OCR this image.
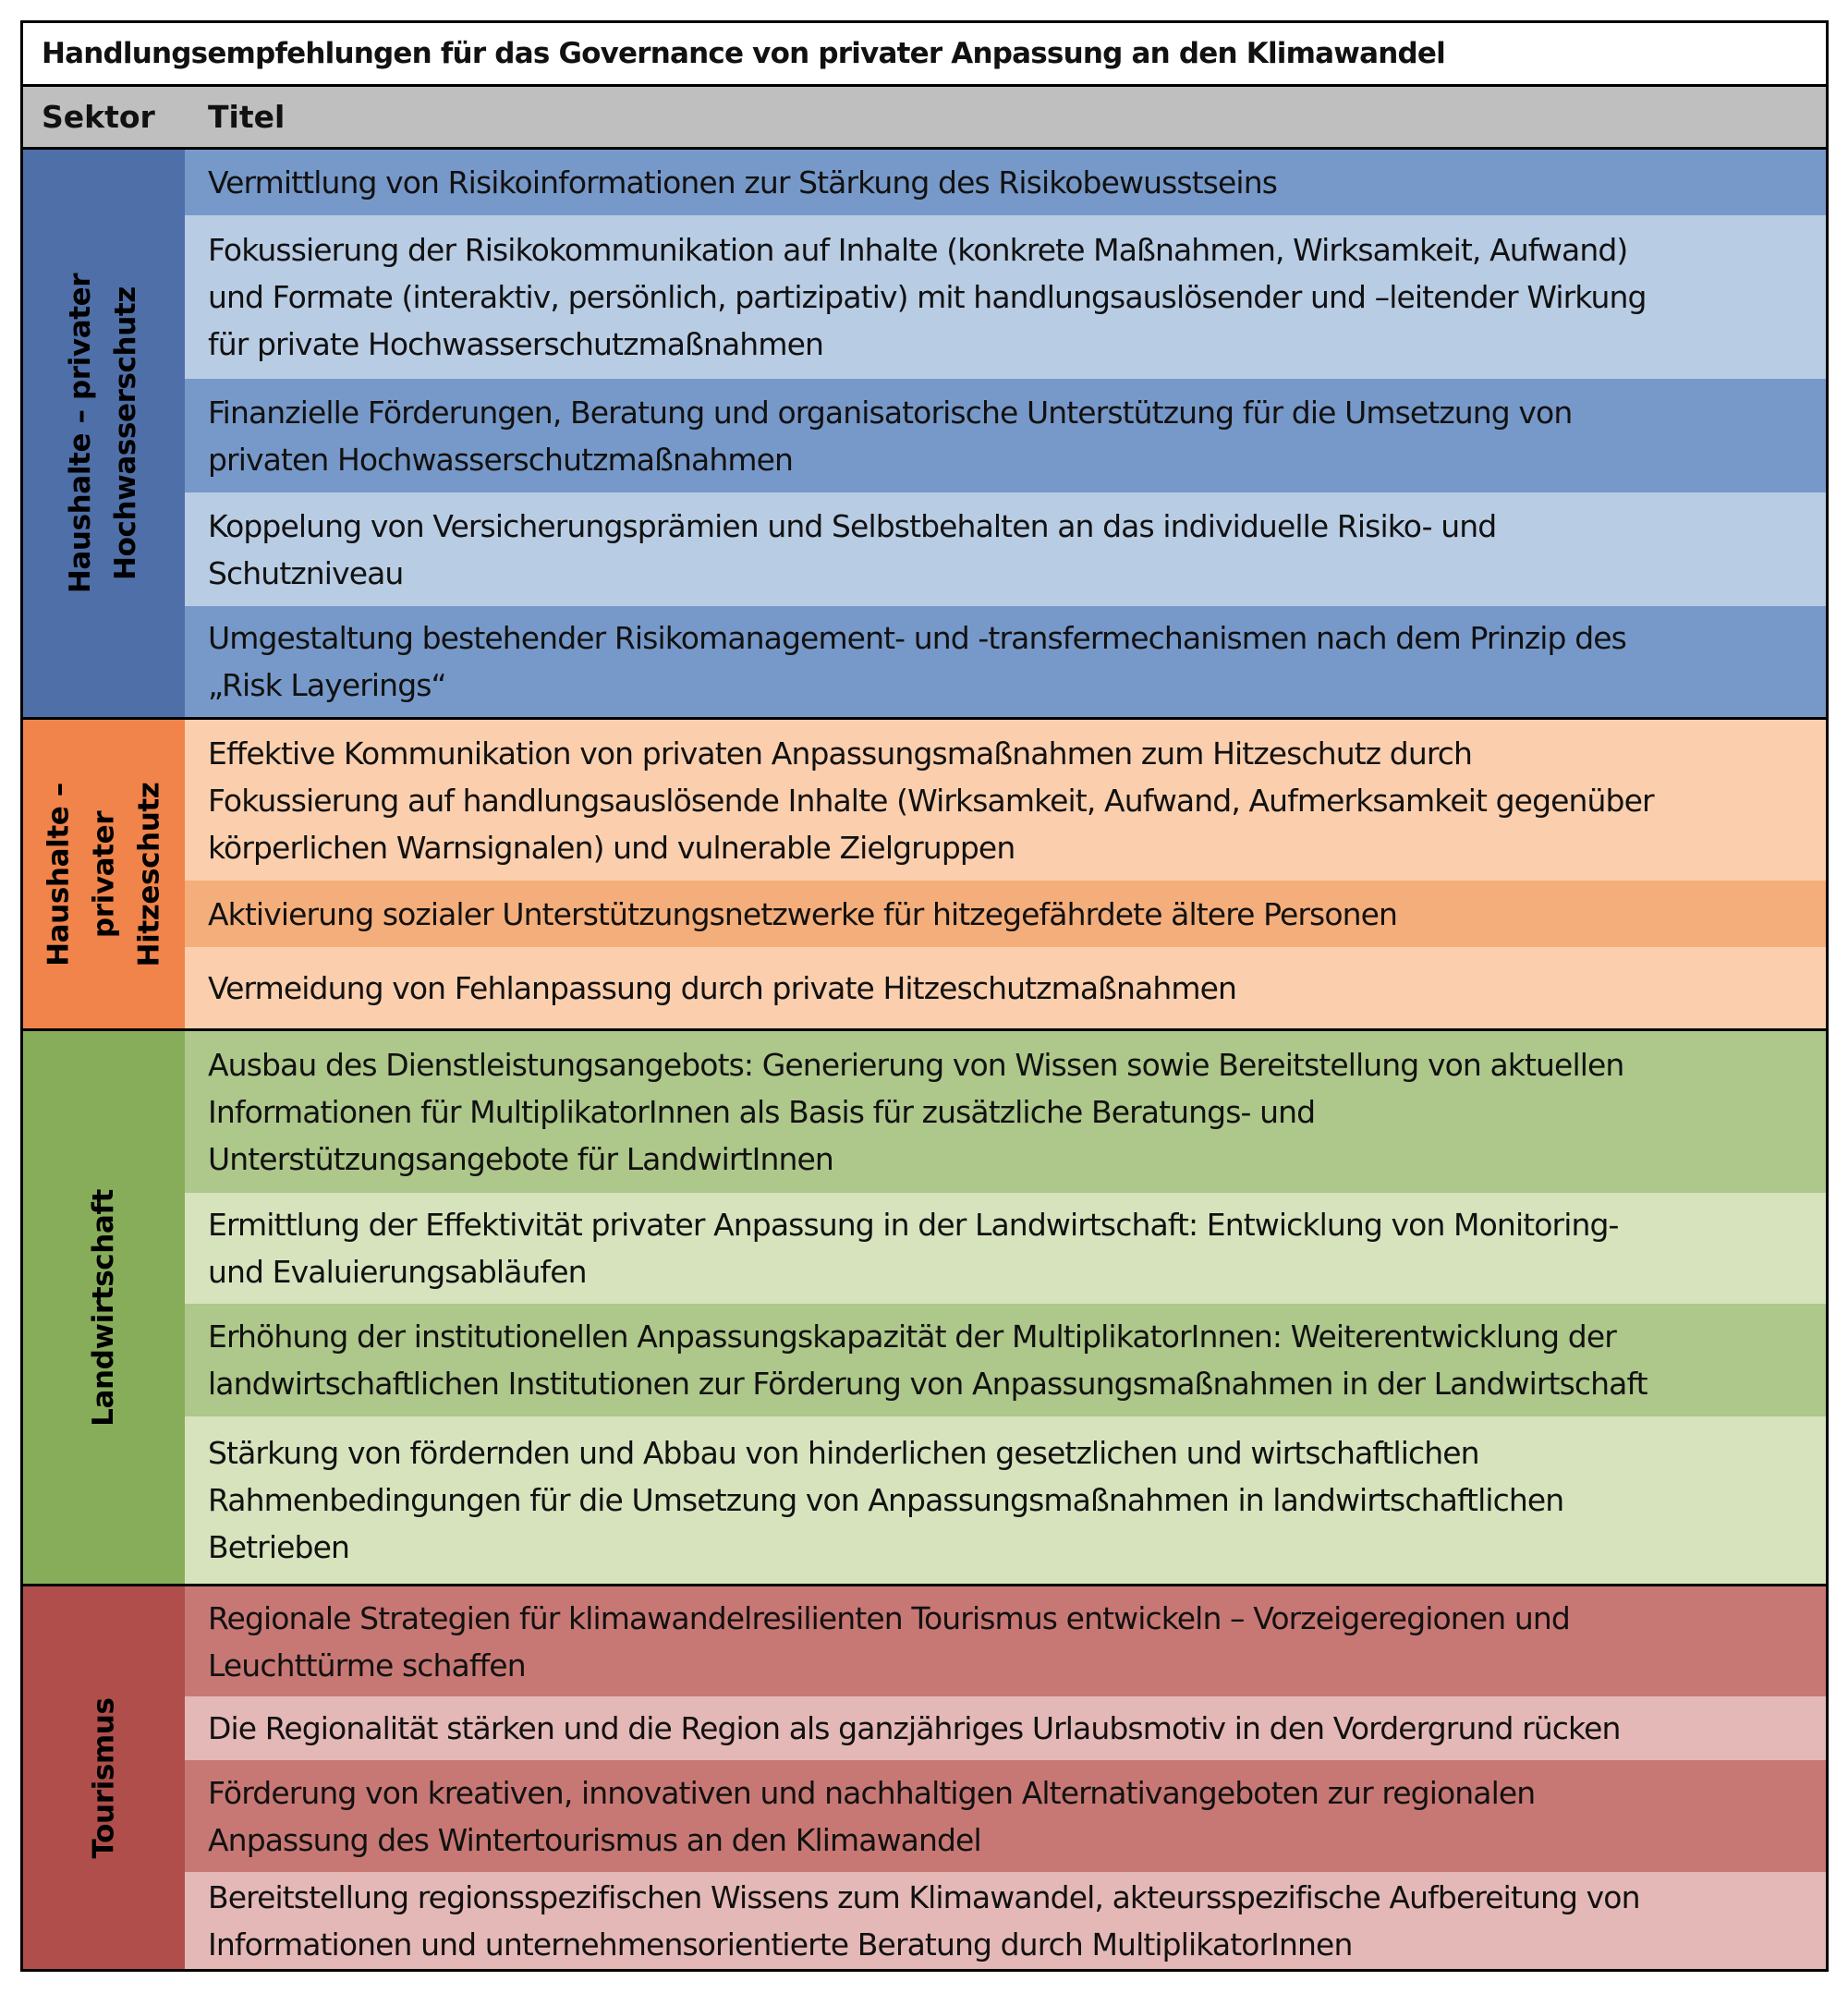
Handlungsempfehlungen für das Governance von privater Anpassung an den Klimawandel
Sektor Titel
Haushalte – privater
Hochwasserschutz
Vermittlung von Risikoinformationen zur Stärkung des Risikobewusstseins
Fokussierung der Risikokommunikation auf Inhalte (konkrete Maßnahmen, Wirksamkeit, Aufwand)
und Formate (interaktiv, persönlich, partizipativ) mit handlungsauslösender und –leitender Wirkung
für private Hochwasserschutzmaßnahmen
Finanzielle Förderungen, Beratung und organisatorische Unterstützung für die Umsetzung von
privaten Hochwasserschutzmaßnahmen
Koppelung von Versicherungsprämien und Selbstbehalten an das individuelle Risiko- und
Schutzniveau
Umgestaltung bestehender Risikomanagement- und -transfermechanismen nach dem Prinzip des
„Risk Layerings“
Haushalte –
privater
Hitzeschutz
Effektive Kommunikation von privaten Anpassungsmaßnahmen zum Hitzeschutz durch
Fokussierung auf handlungsauslösende Inhalte (Wirksamkeit, Aufwand, Aufmerksamkeit gegenüber
körperlichen Warnsignalen) und vulnerable Zielgruppen
Aktivierung sozialer Unterstützungsnetzwerke für hitzegefährdete ältere Personen
Vermeidung von Fehlanpassung durch private Hitzeschutzmaßnahmen
Landwirtschaft
Ausbau des Dienstleistungsangebots: Generierung von Wissen sowie Bereitstellung von aktuellen
Informationen für MultiplikatorInnen als Basis für zusätzliche Beratungs- und
Unterstützungsangebote für LandwirtInnen
Ermittlung der Effektivität privater Anpassung in der Landwirtschaft: Entwicklung von Monitoring-
und Evaluierungsabläufen
Erhöhung der institutionellen Anpassungskapazität der MultiplikatorInnen: Weiterentwicklung der
landwirtschaftlichen Institutionen zur Förderung von Anpassungsmaßnahmen in der Landwirtschaft
Stärkung von fördernden und Abbau von hinderlichen gesetzlichen und wirtschaftlichen
Rahmenbedingungen für die Umsetzung von Anpassungsmaßnahmen in landwirtschaftlichen
Betrieben
Tourismus
Regionale Strategien für klimawandelresilienten Tourismus entwickeln – Vorzeigeregionen und
Leuchttürme schaffen
Die Regionalität stärken und die Region als ganzjähriges Urlaubsmotiv in den Vordergrund rücken
Förderung von kreativen, innovativen und nachhaltigen Alternativangeboten zur regionalen
Anpassung des Wintertourismus an den Klimawandel
Bereitstellung regionsspezifischen Wissens zum Klimawandel, akteursspezifische Aufbereitung von
Informationen und unternehmensorientierte Beratung durch MultiplikatorInnen
